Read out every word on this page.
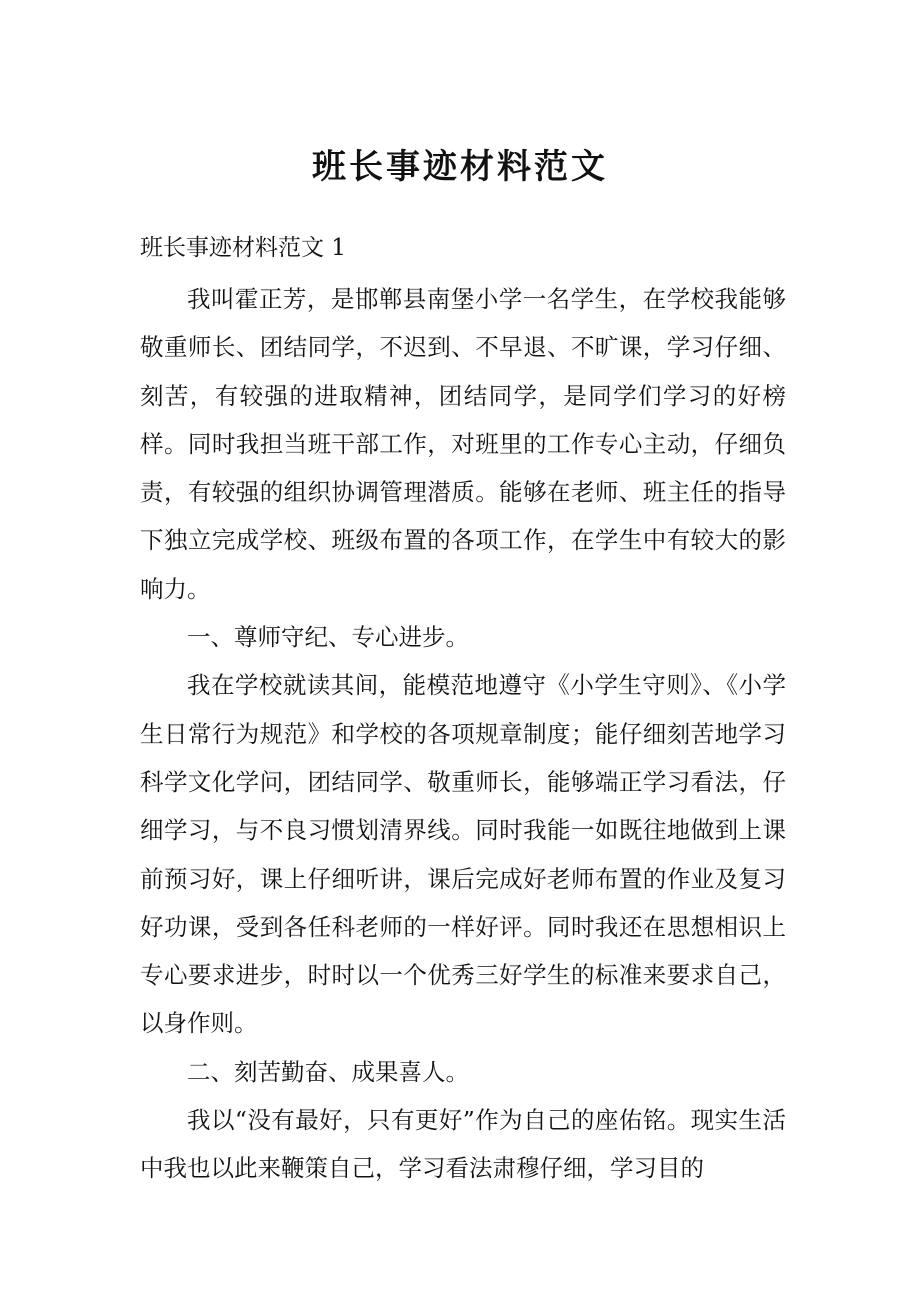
班长事迹材料范文

班长事迹材料范文 1

我叫霍正芳，是邯郸县南堡小学一名学生，在学校我能够敬重师长、团结同学，不迟到、不早退、不旷课，学习仔细、刻苦，有较强的进取精神，团结同学，是同学们学习的好榜样。同时我担当班干部工作，对班里的工作专心主动，仔细负责，有较强的组织协调管理潜质。能够在老师、班主任的指导下独立完成学校、班级布置的各项工作，在学生中有较大的影响力。

一、尊师守纪、专心进步。

我在学校就读其间，能模范地遵守《小学生守则》、《小学生日常行为规范》和学校的各项规章制度；能仔细刻苦地学习科学文化学问，团结同学、敬重师长，能够端正学习看法，仔细学习，与不良习惯划清界线。同时我能一如既往地做到上课前预习好，课上仔细听讲，课后完成好老师布置的作业及复习好功课，受到各任科老师的一样好评。同时我还在思想相识上专心要求进步，时时以一个优秀三好学生的标准来要求自己，以身作则。

二、刻苦勤奋、成果喜人。

我以“没有最好，只有更好”作为自己的座佑铭。现实生活中我也以此来鞭策自己，学习看法肃穆仔细，学习目的
